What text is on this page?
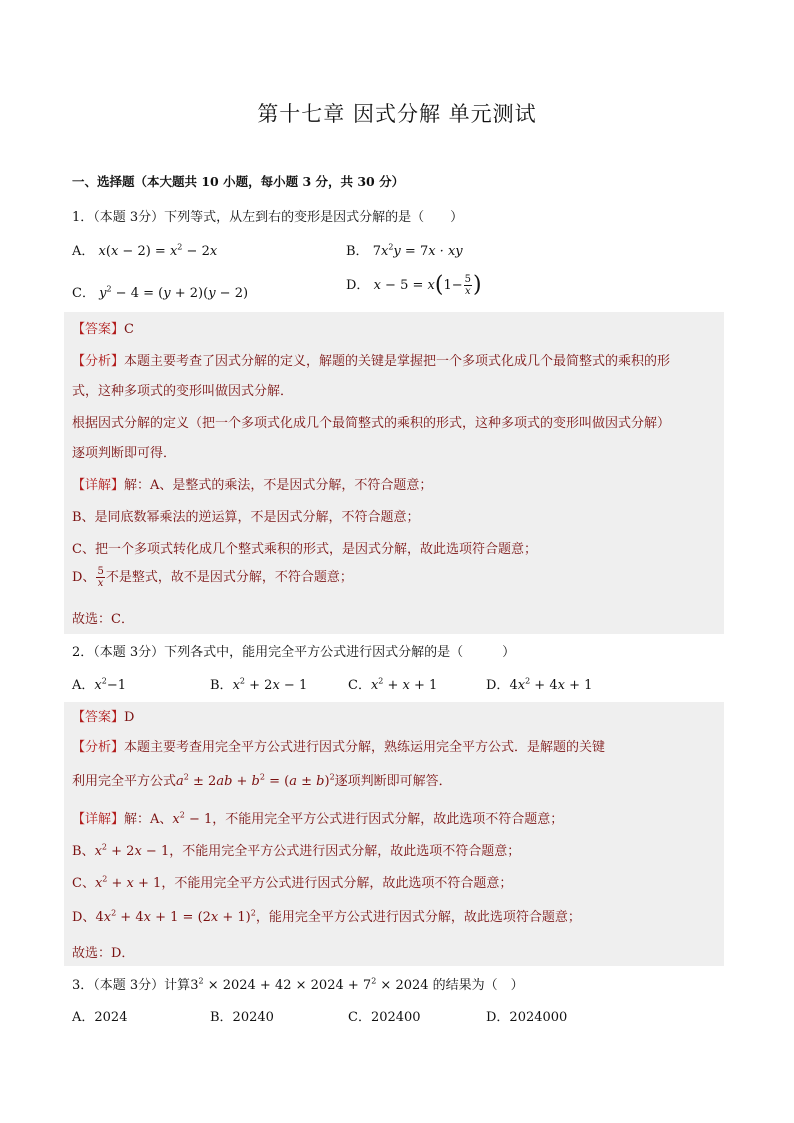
第十七章 因式分解 单元测试
一、选择题（本大题共 10 小题，每小题 3 分，共 30 分）
1．（本题 3分）下列等式，从左到右的变形是因式分解的是（　　）
A． $x(x - 2) = x^2 - 2x$	B． $7x^2y = 7x$ · xy
C． $y^2 - 4 = (y + 2)(y - 2)$
D． $x - 5 = x(1- \frac{5}{x}$ )
【答案】C
【分析】本题主要考查了因式分解的定义，解题的关键是掌握把一个多项式化成几个最简整式的乘积的形
式，这种多项式的变形叫做因式分解．
根据因式分解的定义（把一个多项式化成几个最简整式的乘积的形式，这种多项式的变形叫做因式分解）
逐项判断即可得．
【详解】解：A、是整式的乘法，不是因式分解，不符合题意；
B、是同底数幂乘法的逆运算，不是因式分解，不符合题意；
C、把一个多项式转化成几个整式乘积的形式，是因式分解，故此选项符合题意；
D、 $\frac{5}{x}$ 不是整式，故不是因式分解，不符合题意；
故选：C．
2．（本题 3分）下列各式中，能用完全平方公式进行因式分解的是（　　　）
A．$x^2-1$	B．$x^2 + 2x - 1$	C．$x^2 + x + 1$	D．$4x^2 + 4x + 1$
【答案】D
【分析】本题主要考查用完全平方公式进行因式分解，熟练运用完全平方公式．是解题的关键
利用完全平方公式$a^2 \pm 2ab + b^2 = (a \pm b)^2$逐项判断即可解答．
【详解】解：A、$x^2 - 1$，不能用完全平方公式进行因式分解，故此选项不符合题意；
B、$x^2 + 2x - 1$，不能用完全平方公式进行因式分解，故此选项不符合题意；
C、$x^2 + x + 1$，不能用完全平方公式进行因式分解，故此选项不符合题意；
D、$4x^2 + 4x + 1 = (2x + 1)^2$，能用完全平方公式进行因式分解，故此选项符合题意；
故选：D．
3．（本题 3分）计算$3^2 \times 2024 + 42 \times 2024 + 7^2 \times 2024$ 的结果为（　）
A．2024	B．20240	C．202400	D．2024000
